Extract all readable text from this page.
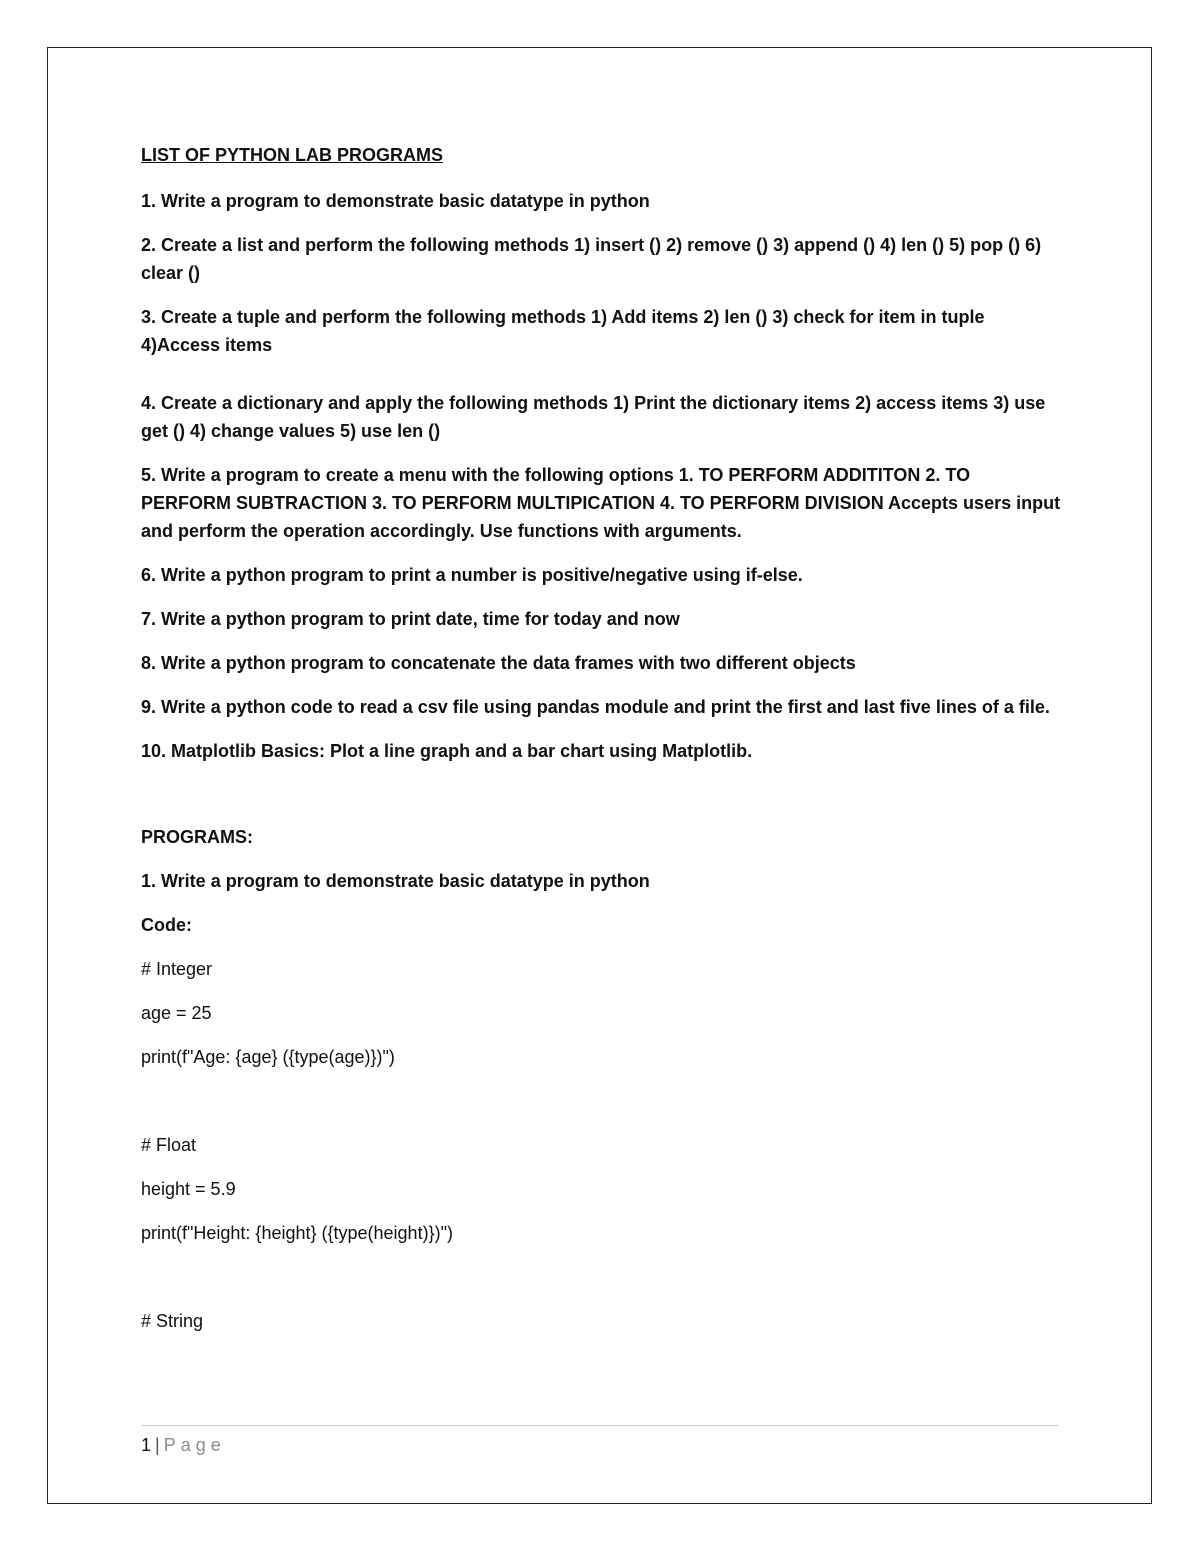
LIST OF PYTHON LAB PROGRAMS
1. Write a program to demonstrate basic datatype in python
2. Create a list and perform the following methods 1) insert () 2) remove () 3) append () 4) len () 5) pop () 6) clear ()
3. Create a tuple and perform the following methods 1) Add items 2) len () 3) check for item in tuple 4)Access items
4. Create a dictionary and apply the following methods 1) Print the dictionary items 2) access items 3) use get () 4) change values 5) use len ()
5. Write a program to create a menu with the following options 1. TO PERFORM ADDITITON 2. TO PERFORM SUBTRACTION 3. TO PERFORM MULTIPICATION 4. TO PERFORM DIVISION Accepts users input and perform the operation accordingly. Use functions with arguments.
6. Write a python program to print a number is positive/negative using if-else.
7. Write a python program to print date, time for today and now
8. Write a python program to concatenate the data frames with two different objects
9. Write a python code to read a csv file using pandas module and print the first and last five lines of a file.
10. Matplotlib Basics: Plot a line graph and a bar chart using Matplotlib.
PROGRAMS:
1. Write a program to demonstrate basic datatype in python
Code:
# Integer
age = 25
print(f"Age: {age} ({type(age)})")
# Float
height = 5.9
print(f"Height: {height} ({type(height)})")
# String
1 | Page
